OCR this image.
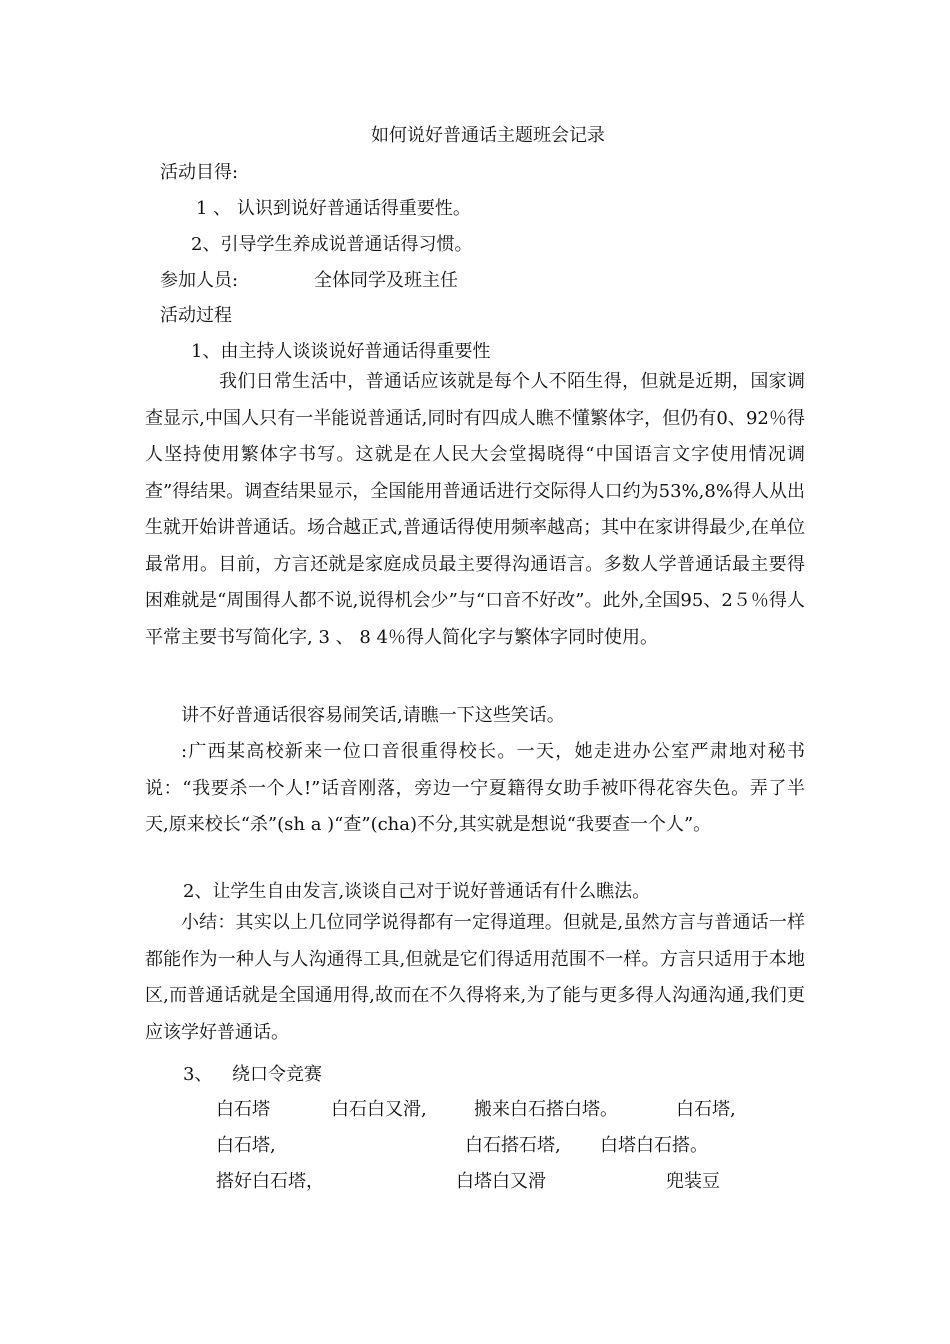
如何说好普通话主题班会记录
活动目得:
1 、 认识到说好普通话得重要性。
2、引导学生养成说普通话得习惯。
参加人员:	全体同学及班主任
活动过程
1、由主持人谈谈说好普通话得重要性
我们日常生活中，普通话应该就是每个人不陌生得，但就是近期，国家调查显示,中国人只有一半能说普通话,同时有四成人瞧不懂繁体字，但仍有0、92％得人坚持使用繁体字书写。这就是在人民大会堂揭晓得“中国语言文字使用情况调查”得结果。调查结果显示，全国能用普通话进行交际得人口约为53%,8%得人从出生就开始讲普通话。场合越正式,普通话得使用频率越高；其中在家讲得最少,在单位最常用。目前，方言还就是家庭成员最主要得沟通语言。多数人学普通话最主要得困难就是“周围得人都不说,说得机会少”与“口音不好改”。此外,全国95、2５％得人平常主要书写简化字, 3 、 8 4％得人简化字与繁体字同时使用。
讲不好普通话很容易闹笑话,请瞧一下这些笑话。
:广西某高校新来一位口音很重得校长。一天，她走进办公室严肃地对秘书说：“我要杀一个人!”话音刚落，旁边一宁夏籍得女助手被吓得花容失色。弄了半天,原来校长“杀”(sh a )“查”(cha)不分,其实就是想说“我要查一个人”。
2、让学生自由发言,谈谈自己对于说好普通话有什么瞧法。
小结：其实以上几位同学说得都有一定得道理。但就是,虽然方言与普通话一样都能作为一种人与人沟通得工具,但就是它们得适用范围不一样。方言只适用于本地区,而普通话就是全国通用得,故而在不久得将来,为了能与更多得人沟通沟通,我们更应该学好普通话。
3、 绕口令竞赛
白石塔	白石白又滑,	搬来白石搭白塔。	白石塔,
白石塔,	白石搭石塔, 白塔白石搭。
搭好白石塔，	白塔白又滑	兜装豆
